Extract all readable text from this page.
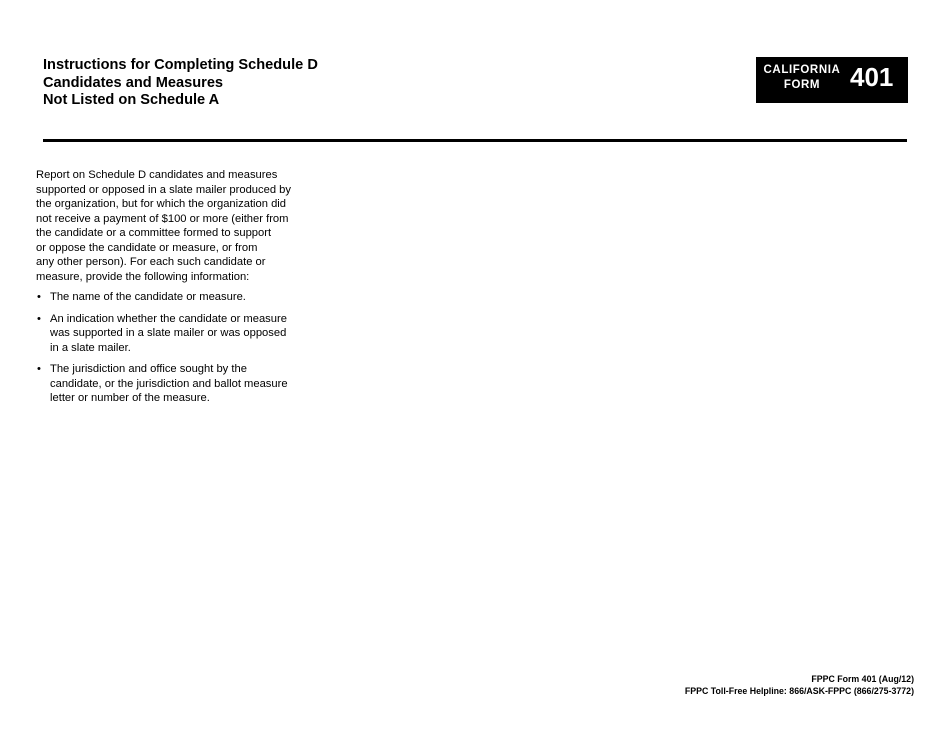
Instructions for Completing Schedule D
Candidates and Measures
Not Listed on Schedule A
CALIFORNIA
FORM	401
Report on Schedule D candidates and measures
supported or opposed in a slate mailer produced by
the organization, but for which the organization did
not receive a payment of $100 or more (either from
the candidate or a committee formed to support
or oppose the candidate or measure, or from
any other person). For each such candidate or
measure, provide the following information:
• The name of the candidate or measure.
• An indication whether the candidate or measure
was supported in a slate mailer or was opposed
in a slate mailer.
• The jurisdiction and office sought by the
candidate, or the jurisdiction and ballot measure
letter or number of the measure.
FPPC Form 401 (Aug/12)
FPPC Toll-Free Helpline: 866/ASK-FPPC (866/275-3772)
